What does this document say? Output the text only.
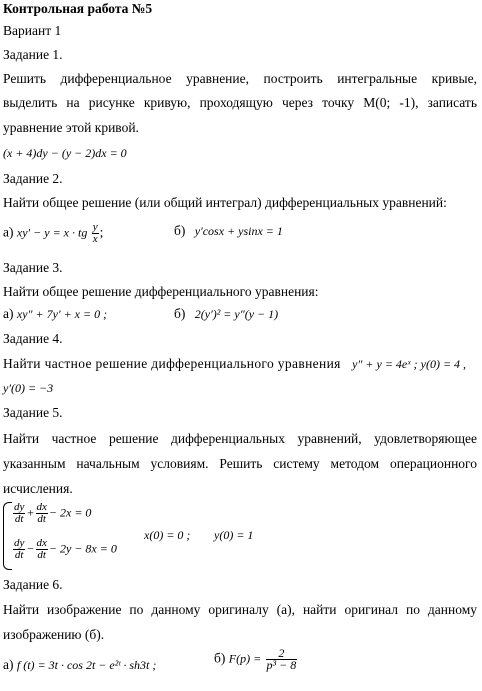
Контрольная работа №5
Вариант 1
Задание 1.
Решить дифференциальное уравнение, построить интегральные кривые,
выделить на рисунке кривую, проходящую через точку М(0; -1), записать
уравнение этой кривой.
(x + 4)dy − (y − 2)dx = 0
Задание 2.
Найти общее решение (или общий интеграл) дифференциальных уравнений:
а) xy′ − y = x · tg $\frac{y}{x}$ ;	б) y′cosx + ysinx = 1
Задание 3.
Найти общее решение дифференциального уравнения:
а) xy″ + 7y′ + x = 0 ;	б) 2(y′)² = y″(y − 1)
Задание 4.
Найти частное решение дифференциального уравнения y″ + y = 4eˣ ; y(0) = 4 ,
y′(0) = −3
Задание 5.
Найти частное решение дифференциальных уравнений, удовлетворяющее
указанным начальным условиям. Решить систему методом операционного
исчисления.
$\frac{dy}{dt} + \frac{dx}{dt} - 2x = 0$
$\frac{dy}{dt} - \frac{dx}{dt} - 2y - 8x = 0$
x(0) = 0 ; y(0) = 1
Задание 6.
Найти изображение по данному оригиналу (а), найти оригинал по данному
изображению (б).
а) f (t) = 3t · cos 2t − e²ᵗ · sh3t ;	б) $F(p) = \frac{2}{\text{p³ − 8}}$
